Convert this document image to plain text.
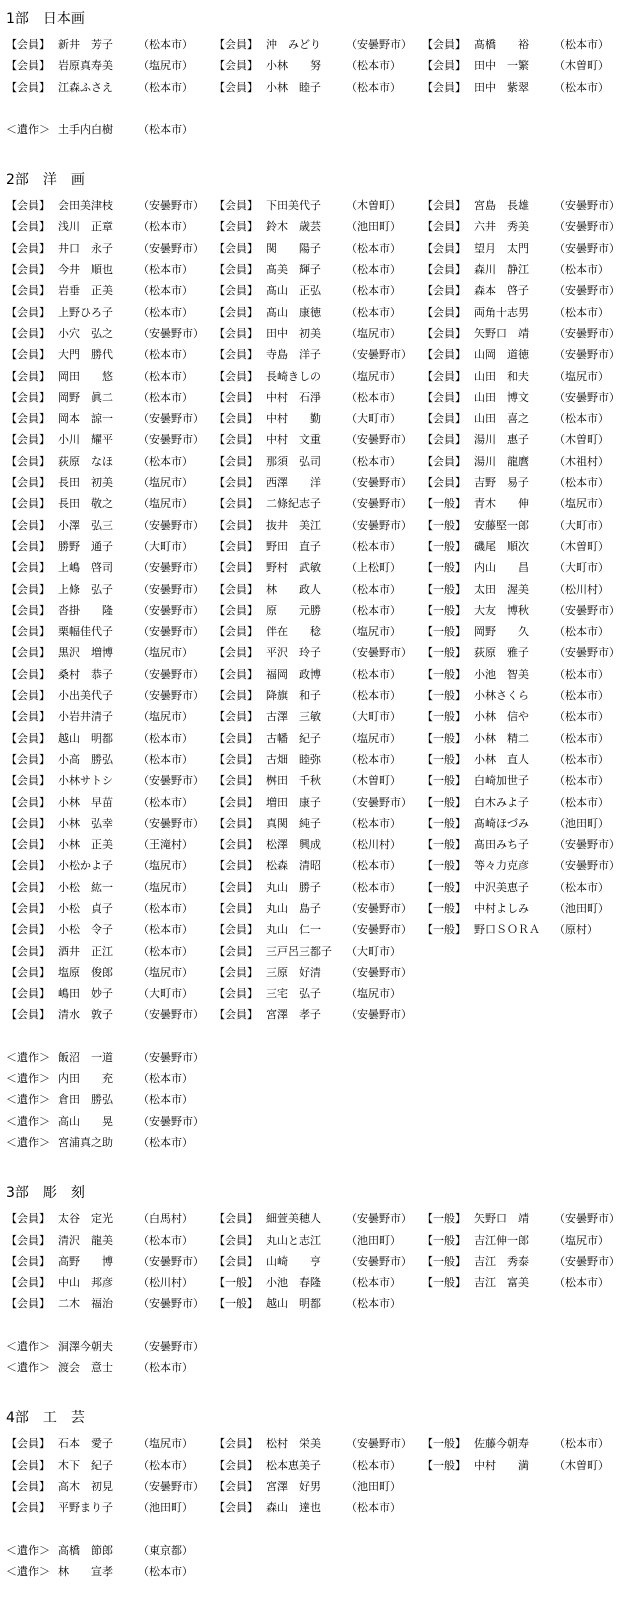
1部　日本画
【会員】 新井　芳子 （松本市） 【会員】 沖　みどり （安曇野市） 【会員】 髙橋　　裕 （松本市）
【会員】 岩原真寿美 （塩尻市） 【会員】 小林　　努 （松本市） 【会員】 田中　一繁 （木曽町）
【会員】 江森ふさえ （松本市） 【会員】 小林　睦子 （松本市） 【会員】 田中　紫翠 （松本市）
＜遺作＞ 土手内白樹 （松本市）
2部　洋　画
【会員】 会田美津枝 （安曇野市） 【会員】 下田美代子 （木曽町） 【会員】 宮島　長雄 （安曇野市）
【会員】 浅川　正章 （松本市） 【会員】 鈴木　歳芸 （池田町） 【会員】 六井　秀美 （安曇野市）
【会員】 井口　永子 （安曇野市） 【会員】 関　　陽子 （松本市） 【会員】 望月　太門 （安曇野市）
【会員】 今井　順也 （松本市） 【会員】 髙美　輝子 （松本市） 【会員】 森川　静江 （松本市）
【会員】 岩垂　正美 （松本市） 【会員】 髙山　正弘 （松本市） 【会員】 森本　啓子 （安曇野市）
【会員】 上野ひろ子 （松本市） 【会員】 髙山　康徳 （松本市） 【会員】 両角十志男 （松本市）
【会員】 小穴　弘之 （安曇野市） 【会員】 田中　初美 （塩尻市） 【会員】 矢野口　靖 （安曇野市）
【会員】 大門　勝代 （松本市） 【会員】 寺島　洋子 （安曇野市） 【会員】 山岡　道徳 （安曇野市）
【会員】 岡田　　悠 （松本市） 【会員】 長崎きしの （塩尻市） 【会員】 山田　和夫 （塩尻市）
【会員】 岡野　眞二 （松本市） 【会員】 中村　石淨 （松本市） 【会員】 山田　博文 （安曇野市）
【会員】 岡本　諒一 （安曇野市） 【会員】 中村　　勤 （大町市） 【会員】 山田　喜之 （松本市）
【会員】 小川　耀平 （安曇野市） 【会員】 中村　文重 （安曇野市） 【会員】 湯川　惠子 （木曽町）
【会員】 荻原　なほ （松本市） 【会員】 那須　弘司 （松本市） 【会員】 湯川　龍麿 （木祖村）
【会員】 長田　初美 （塩尻市） 【会員】 西澤　　洋 （安曇野市） 【会員】 吉野　易子 （松本市）
【会員】 長田　敬之 （塩尻市） 【会員】 二條紀志子 （安曇野市） 【一般】 青木　　伸 （塩尻市）
【会員】 小澤　弘三 （安曇野市） 【会員】 抜井　美江 （安曇野市） 【一般】 安藤堅一郎 （大町市）
【会員】 勝野　通子 （大町市） 【会員】 野田　直子 （松本市） 【一般】 磯尾　順次 （木曽町）
【会員】 上嶋　啓司 （安曇野市） 【会員】 野村　武敏 （上松町） 【一般】 内山　　昌 （大町市）
【会員】 上條　弘子 （安曇野市） 【会員】 林　　政人 （松本市） 【一般】 太田　渥美 （松川村）
【会員】 沓掛　　隆 （安曇野市） 【会員】 原　　元勝 （松本市） 【一般】 大友　博秋 （安曇野市）
【会員】 栗幅佳代子 （安曇野市） 【会員】 伴在　　稔 （塩尻市） 【一般】 岡野　　久 （松本市）
【会員】 黒沢　増博 （塩尻市） 【会員】 平沢　玲子 （安曇野市） 【一般】 荻原　雅子 （安曇野市）
【会員】 桑村　恭子 （安曇野市） 【会員】 福岡　政博 （松本市） 【一般】 小池　智美 （松本市）
【会員】 小出美代子 （安曇野市） 【会員】 降旗　和子 （松本市） 【一般】 小林さくら （松本市）
【会員】 小岩井清子 （塩尻市） 【会員】 古澤　三敏 （大町市） 【一般】 小林　信や （松本市）
【会員】 越山　明都 （松本市） 【会員】 古幡　紀子 （塩尻市） 【一般】 小林　精二 （松本市）
【会員】 小高　勝弘 （松本市） 【会員】 古畑　睦弥 （松本市） 【一般】 小林　直人 （松本市）
【会員】 小林サトシ （安曇野市） 【会員】 桝田　千秋 （木曽町） 【一般】 白崎加世子 （松本市）
【会員】 小林　早苗 （松本市） 【会員】 増田　康子 （安曇野市） 【一般】 白木みよ子 （松本市）
【会員】 小林　弘幸 （安曇野市） 【会員】 真関　純子 （松本市） 【一般】 髙崎ほづみ （池田町）
【会員】 小林　正美 （王滝村） 【会員】 松澤　興成 （松川村） 【一般】 髙田みち子 （安曇野市）
【会員】 小松かよ子 （塩尻市） 【会員】 松森　清昭 （松本市） 【一般】 等々力克彦 （安曇野市）
【会員】 小松　紘一 （塩尻市） 【会員】 丸山　勝子 （松本市） 【一般】 中沢美恵子 （松本市）
【会員】 小松　貞子 （松本市） 【会員】 丸山　島子 （安曇野市） 【一般】 中村よしみ （池田町）
【会員】 小松　令子 （松本市） 【会員】 丸山　仁一 （安曇野市） 【一般】 野口ＳＯＲＡ （原村）
【会員】 酒井　正江 （松本市） 【会員】 三戸呂三都子 （大町市）
【会員】 塩原　俊郎 （塩尻市） 【会員】 三原　好清 （安曇野市）
【会員】 嶋田　妙子 （大町市） 【会員】 三宅　弘子 （塩尻市）
【会員】 清水　敦子 （安曇野市） 【会員】 宮澤　孝子 （安曇野市）
＜遺作＞ 飯沼　一道 （安曇野市）
＜遺作＞ 内田　　充 （松本市）
＜遺作＞ 倉田　勝弘 （松本市）
＜遺作＞ 高山　　晃 （安曇野市）
＜遺作＞ 宮浦真之助 （松本市）
3部　彫　刻
【会員】 太谷　定光 （白馬村） 【会員】 細萱美穂人 （安曇野市） 【一般】 矢野口　靖 （安曇野市）
【会員】 清沢　龍美 （松本市） 【会員】 丸山と志江 （池田町） 【一般】 吉江伸一郎 （塩尻市）
【会員】 高野　　博 （安曇野市） 【会員】 山崎　　亨 （安曇野市） 【一般】 吉江　秀泰 （安曇野市）
【会員】 中山　邦彦 （松川村） 【一般】 小池　春隆 （松本市） 【一般】 吉江　富美 （松本市）
【会員】 二木　福治 （安曇野市） 【一般】 越山　明都 （松本市）
＜遺作＞ 洞澤今朝夫 （安曇野市）
＜遺作＞ 渡会　意士 （松本市）
4部　工　芸
【会員】 石本　愛子 （塩尻市） 【会員】 松村　栄美 （安曇野市） 【一般】 佐藤今朝寿 （松本市）
【会員】 木下　紀子 （松本市） 【会員】 松本恵美子 （松本市） 【一般】 中村　　満 （木曽町）
【会員】 高木　初見 （安曇野市） 【会員】 宮澤　好男 （池田町）
【会員】 平野まり子 （池田町） 【会員】 森山　達也 （松本市）
＜遺作＞ 高橋　節郎 （東京都）
＜遺作＞ 林　　宣孝 （松本市）
